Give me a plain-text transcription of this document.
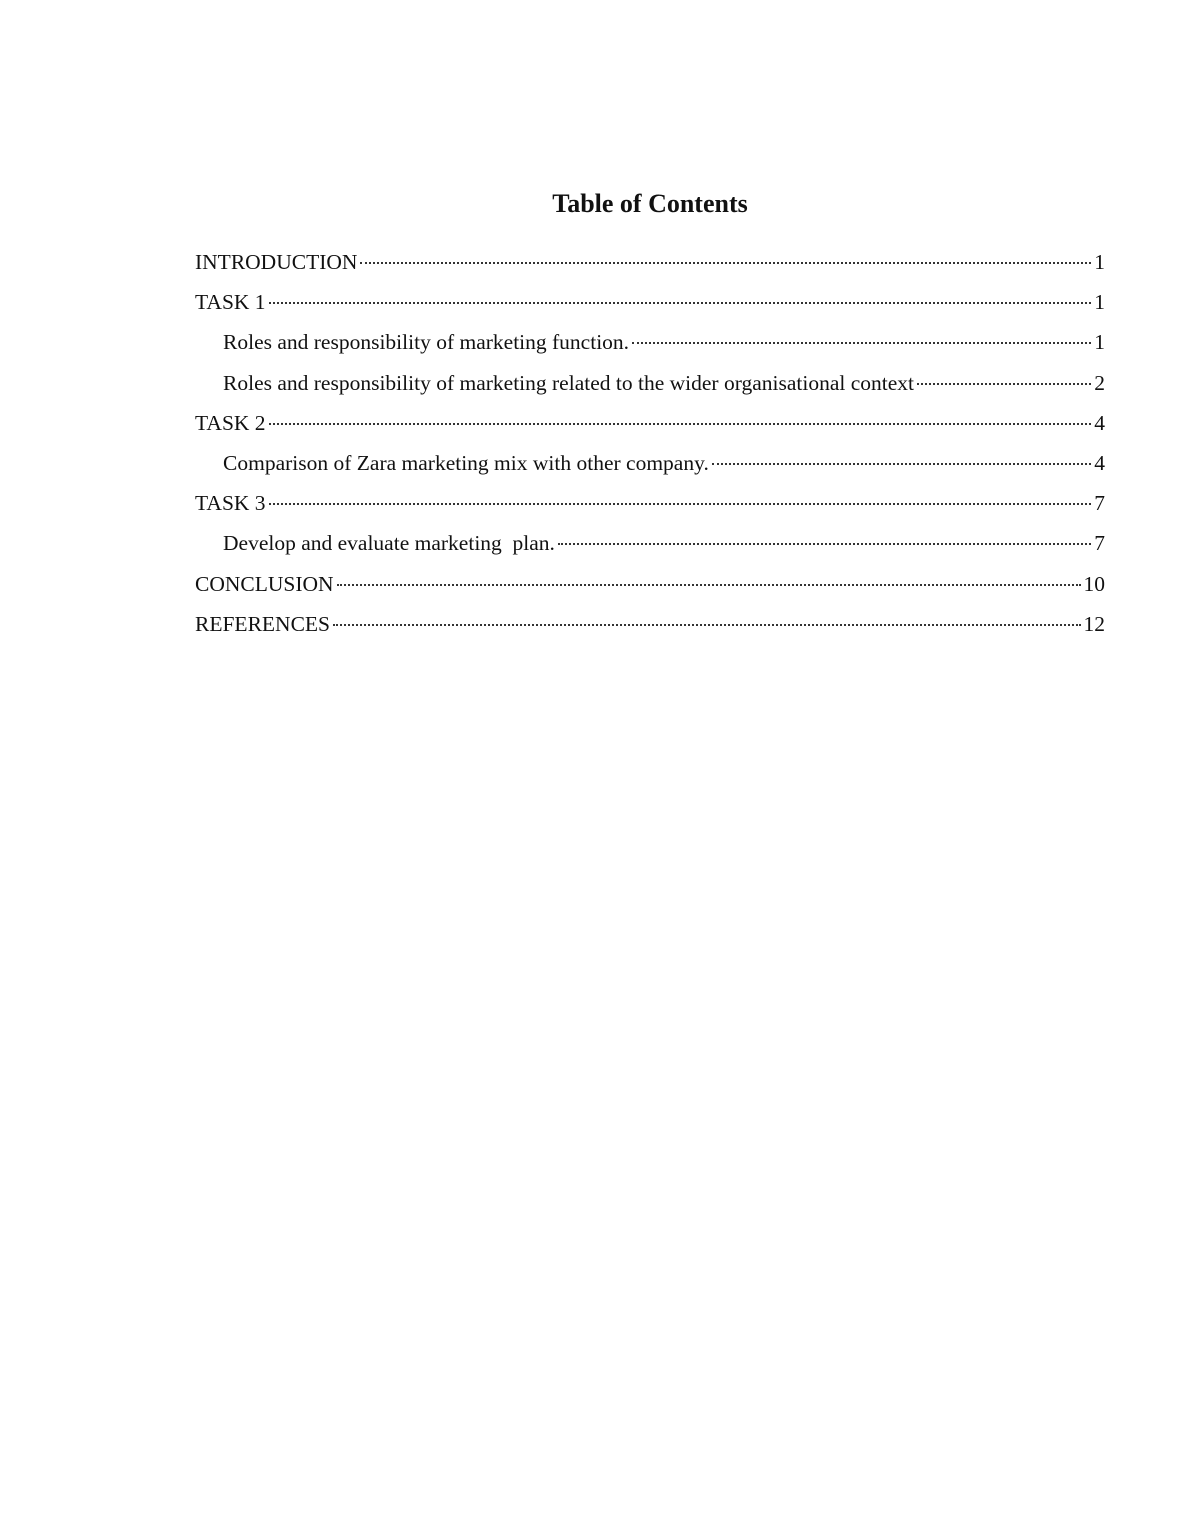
Table of Contents
INTRODUCTION	1
TASK 1	1
Roles and responsibility of marketing function.	1
Roles and responsibility of marketing related to the wider organisational context	2
TASK 2	4
Comparison of Zara marketing mix with other company.	4
TASK 3	7
Develop and evaluate marketing  plan.	7
CONCLUSION	10
REFERENCES	12
